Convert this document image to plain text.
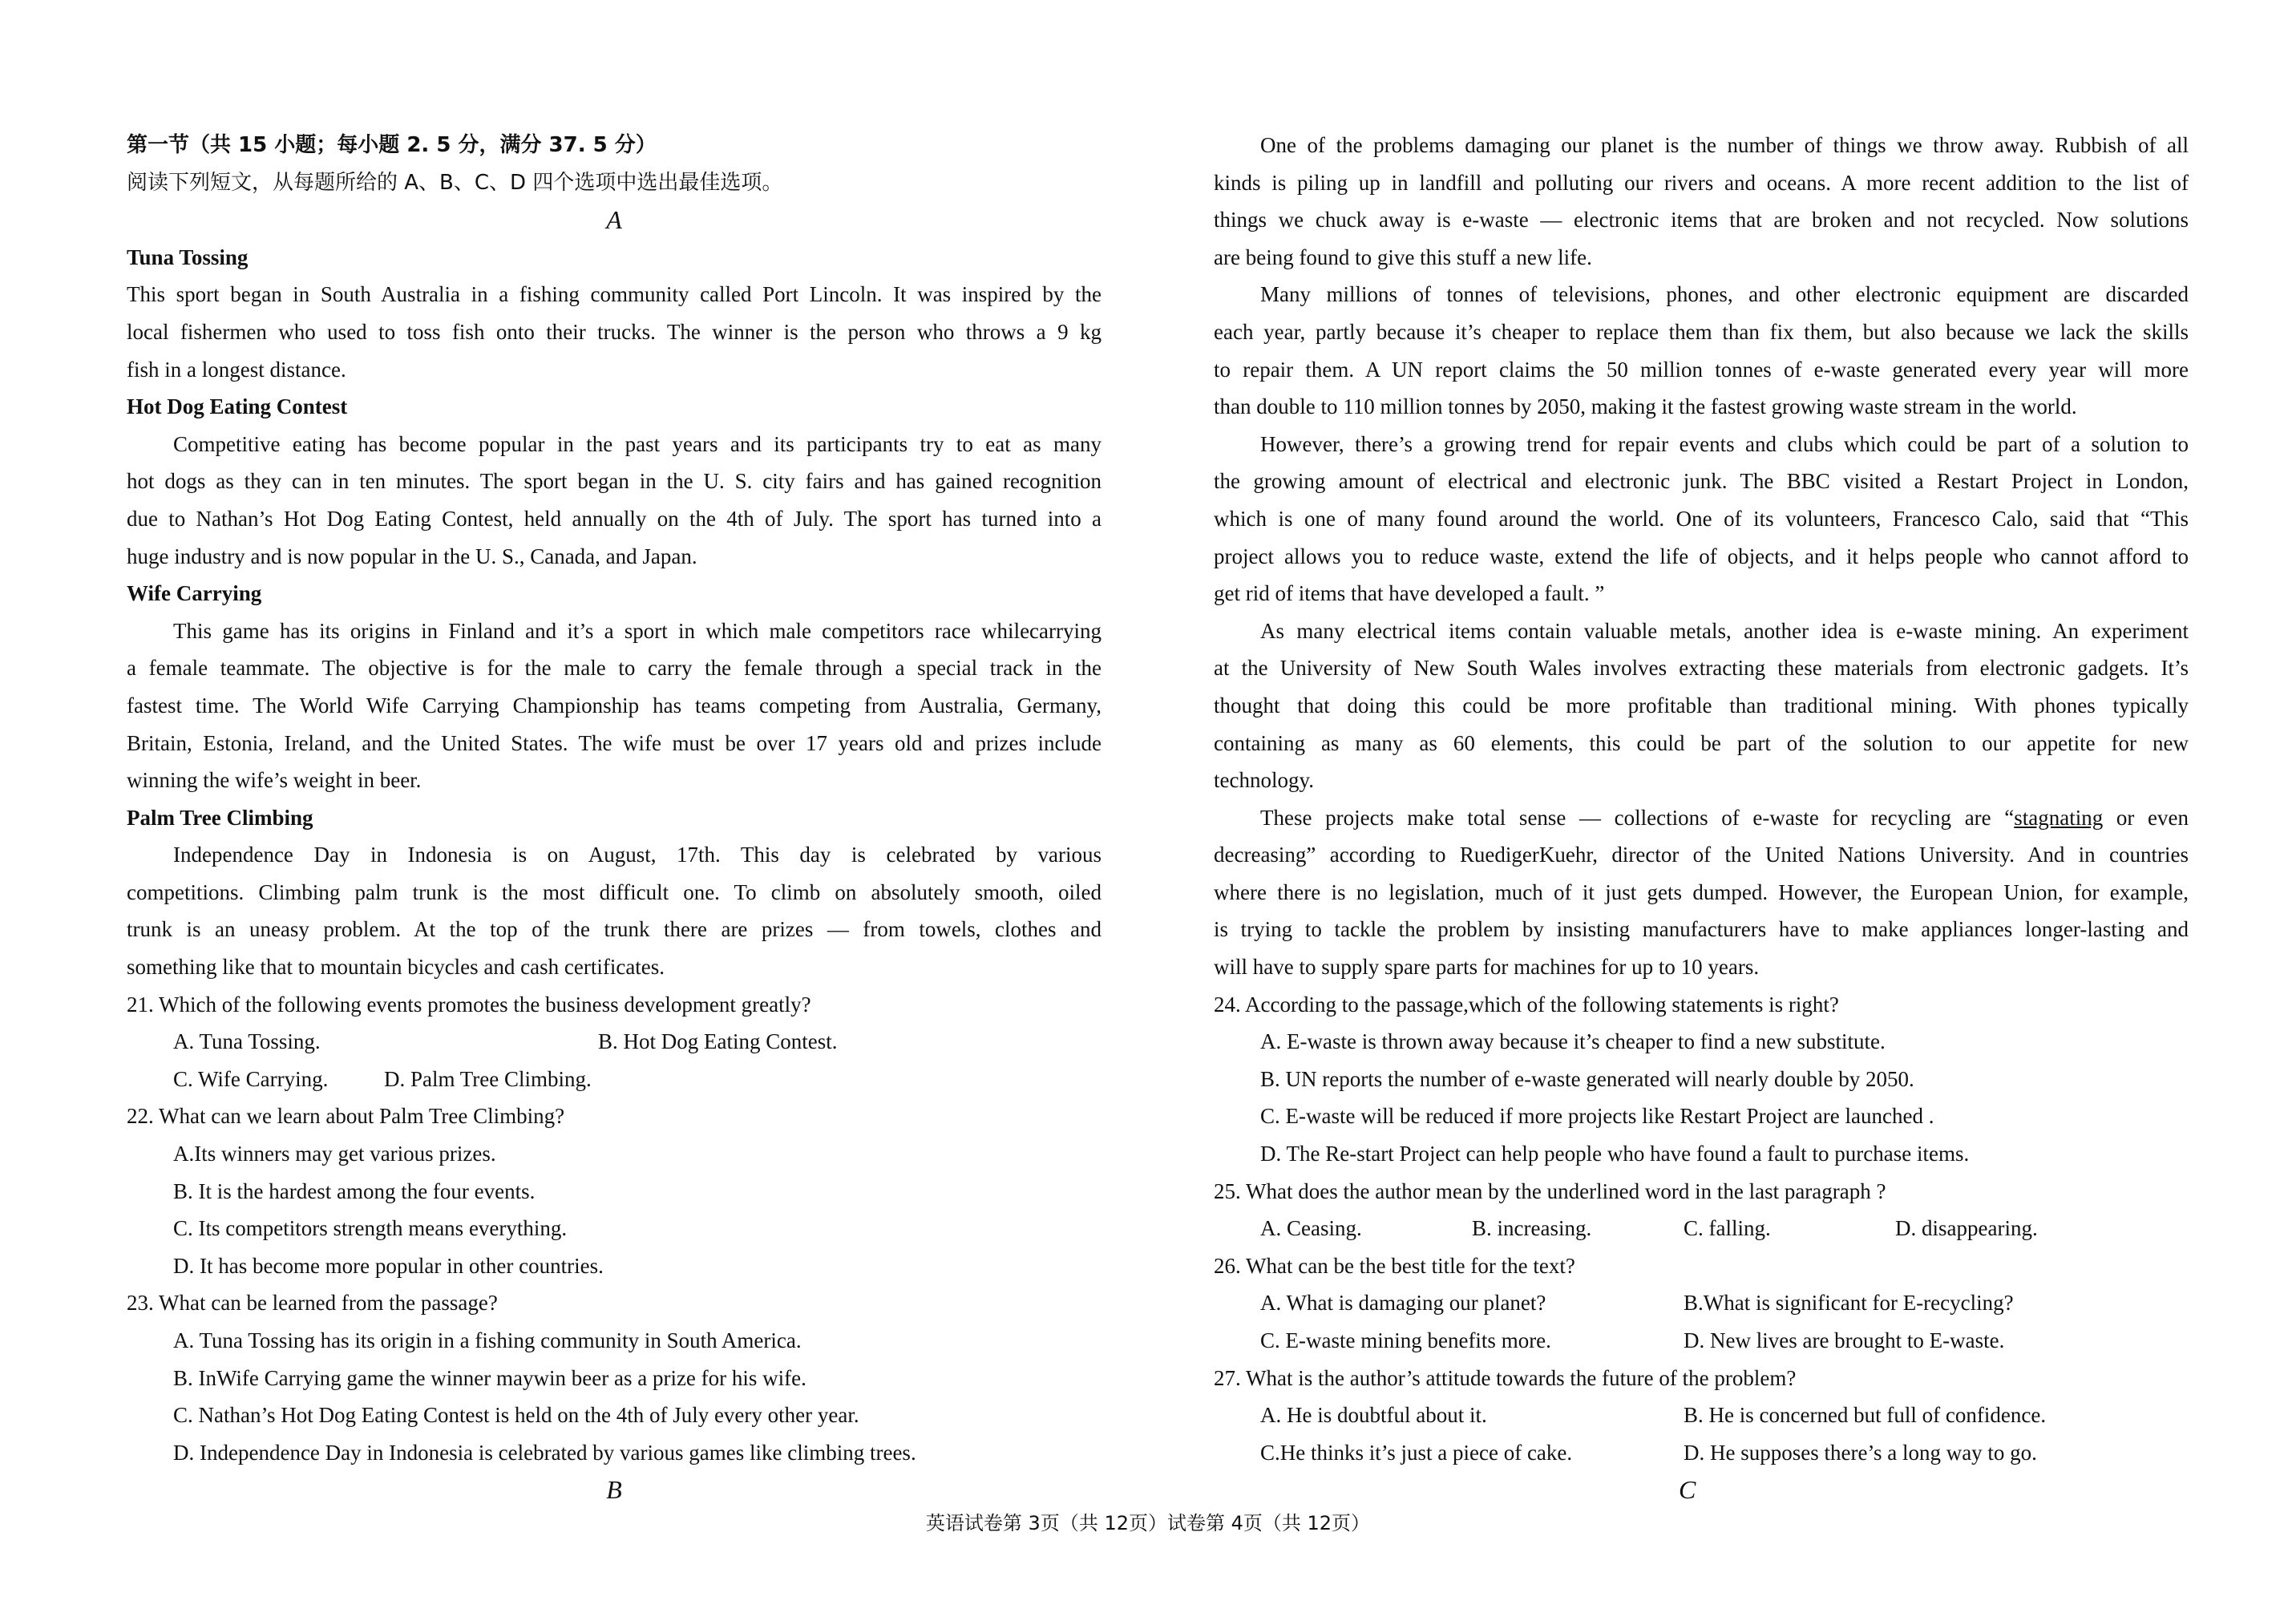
第一节（共 15 小题；每小题 2. 5 分，满分 37. 5 分）
阅读下列短文，从每题所给的 A、B、C、D 四个选项中选出最佳选项。
A
Tuna Tossing
This sport began in South Australia in a fishing community called Port Lincoln. It was inspired by the
local fishermen who used to toss fish onto their trucks. The winner is the person who throws a 9 kg
fish in a longest distance.
Hot Dog Eating Contest
Competitive eating has become popular in the past years and its participants try to eat as many
hot dogs as they can in ten minutes. The sport began in the U. S. city fairs and has gained recognition
due to Nathan’s Hot Dog Eating Contest, held annually on the 4th of July. The sport has turned into a
huge industry and is now popular in the U. S., Canada, and Japan.
Wife Carrying
This game has its origins in Finland and it’s a sport in which male competitors race whilecarrying
a female teammate. The objective is for the male to carry the female through a special track in the
fastest time. The World Wife Carrying Championship has teams competing from Australia, Germany,
Britain, Estonia, Ireland, and the United States. The wife must be over 17 years old and prizes include
winning the wife’s weight in beer.
Palm Tree Climbing
Independence Day in Indonesia is on August, 17th. This day is celebrated by various
competitions. Climbing palm trunk is the most difficult one. To climb on absolutely smooth, oiled
trunk is an uneasy problem. At the top of the trunk there are prizes — from towels, clothes and
something like that to mountain bicycles and cash certificates.
21. Which of the following events promotes the business development greatly?
A. Tuna Tossing.	B. Hot Dog Eating Contest.
C. Wife Carrying.	D. Palm Tree Climbing.
22. What can we learn about Palm Tree Climbing?
A.Its winners may get various prizes.
B. It is the hardest among the four events.
C. Its competitors strength means everything.
D. It has become more popular in other countries.
23. What can be learned from the passage?
A. Tuna Tossing has its origin in a fishing community in South America.
B. InWife Carrying game the winner maywin beer as a prize for his wife.
C. Nathan’s Hot Dog Eating Contest is held on the 4th of July every other year.
D. Independence Day in Indonesia is celebrated by various games like climbing trees.
B
One of the problems damaging our planet is the number of things we throw away. Rubbish of all
kinds is piling up in landfill and polluting our rivers and oceans. A more recent addition to the list of
things we chuck away is e-waste — electronic items that are broken and not recycled. Now solutions
are being found to give this stuff a new life.
Many millions of tonnes of televisions, phones, and other electronic equipment are discarded
each year, partly because it’s cheaper to replace them than fix them, but also because we lack the skills
to repair them. A UN report claims the 50 million tonnes of e-waste generated every year will more
than double to 110 million tonnes by 2050, making it the fastest growing waste stream in the world.
However, there’s a growing trend for repair events and clubs which could be part of a solution to
the growing amount of electrical and electronic junk. The BBC visited a Restart Project in London,
which is one of many found around the world. One of its volunteers, Francesco Calo, said that “This
project allows you to reduce waste, extend the life of objects, and it helps people who cannot afford to
get rid of items that have developed a fault. ”
As many electrical items contain valuable metals, another idea is e-waste mining. An experiment
at the University of New South Wales involves extracting these materials from electronic gadgets. It’s
thought that doing this could be more profitable than traditional mining. With phones typically
containing as many as 60 elements, this could be part of the solution to our appetite for new
technology.
These projects make total sense — collections of e-waste for recycling are “stagnating or even
decreasing” according to RuedigerKuehr, director of the United Nations University. And in countries
where there is no legislation, much of it just gets dumped. However, the European Union, for example,
is trying to tackle the problem by insisting manufacturers have to make appliances longer-lasting and
will have to supply spare parts for machines for up to 10 years.
24. According to the passage,which of the following statements is right?
A. E-waste is thrown away because it’s cheaper to find a new substitute.
B. UN reports the number of e-waste generated will nearly double by 2050.
C. E-waste will be reduced if more projects like Restart Project are launched .
D. The Re-start Project can help people who have found a fault to purchase items.
25. What does the author mean by the underlined word in the last paragraph ?
A. Ceasing.	B. increasing.	C. falling.	D. disappearing.
26. What can be the best title for the text?
A. What is damaging our planet?	B.What is significant for E-recycling?
C. E-waste mining benefits more.	D. New lives are brought to E-waste.
27. What is the author’s attitude towards the future of the problem?
A. He is doubtful about it.	B. He is concerned but full of confidence.
C.He thinks it’s just a piece of cake.	D. He supposes there’s a long way to go.
C
英语试卷第 3页（共 12页）试卷第 4页（共 12页）
